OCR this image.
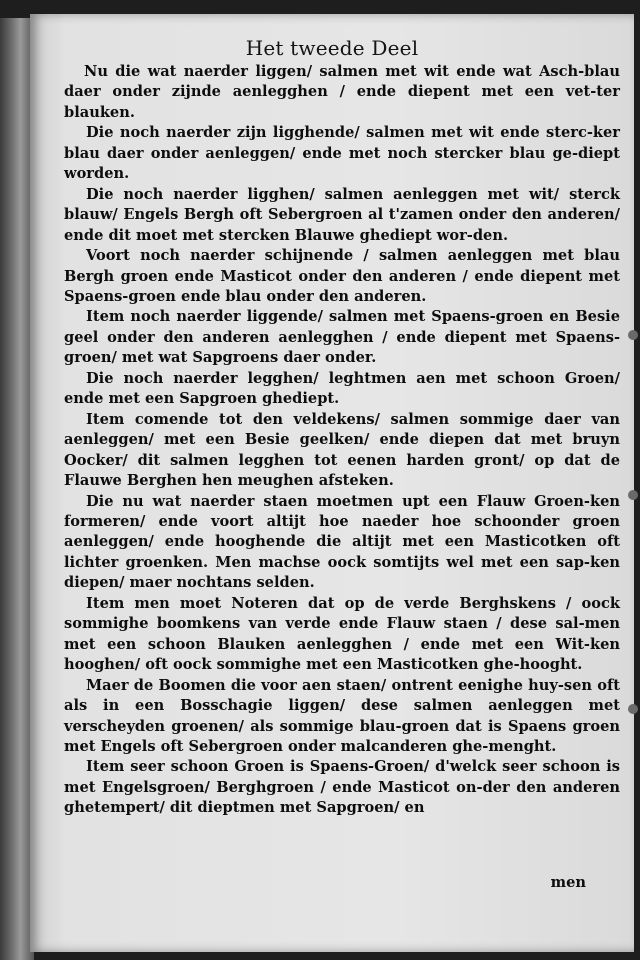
Het tweede Deel

Nu die wat naerder liggen/ salmen met wit ende wat Asch-blau daer onder zijnde aenlegghen / ende diepent met een vet-ter blauken.

Die noch naerder zijn ligghende/ salmen met wit ende sterc-ker blau daer onder aenleggen/ ende met noch stercker blau ge-diept worden.

Die noch naerder ligghen/ salmen aenleggen met wit/ sterck blauw/ Engels Bergh oft Sebergroen al t'zamen onder den anderen/ ende dit moet met stercken Blauwe ghediept wor-den.

Voort noch naerder schijnende / salmen aenleggen met blau Bergh groen ende Masticot onder den anderen / ende diepent met Spaens-groen ende blau onder den anderen.

Item noch naerder liggende/ salmen met Spaens-groen en Besie geel onder den anderen aenlegghen / ende diepent met Spaens-groen/ met wat Sapgroens daer onder.

Die noch naerder legghen/ leghtmen aen met schoon Groen/ ende met een Sapgroen ghediept.

Item comende tot den veldekens/ salmen sommige daer van aenleggen/ met een Besie geelken/ ende diepen dat met bruyn Oocker/ dit salmen legghen tot eenen harden gront/ op dat de Flauwe Berghen hen meughen afsteken.

Die nu wat naerder staen moetmen upt een Flauw Groen-ken formeren/ ende voort altijt hoe naeder hoe schoonder groen aenleggen/ ende hooghende die altijt met een Masticotken oft lichter groenken. Men machse oock somtijts wel met een sap-ken diepen/ maer nochtans selden.

Item men moet Noteren dat op de verde Berghskens / oock sommighe boomkens van verde ende Flauw staen / dese sal-men met een schoon Blauken aenlegghen / ende met een Wit-ken hooghen/ oft oock sommighe met een Masticotken ghe-hooght.

Maer de Boomen die voor aen staen/ ontrent eenighe huy-sen oft als in een Bosschagie liggen/ dese salmen aenleggen met verscheyden groenen/ als sommige blau-groen dat is Spaens groen met Engels oft Sebergroen onder malcanderen ghe-menght.

Item seer schoon Groen is Spaens-Groen/ d'welck seer schoon is met Engelsgroen/ Berghgroen / ende Masticot on-der den anderen ghetempert/ dit dieptmen met Sapgroen/ en

men
